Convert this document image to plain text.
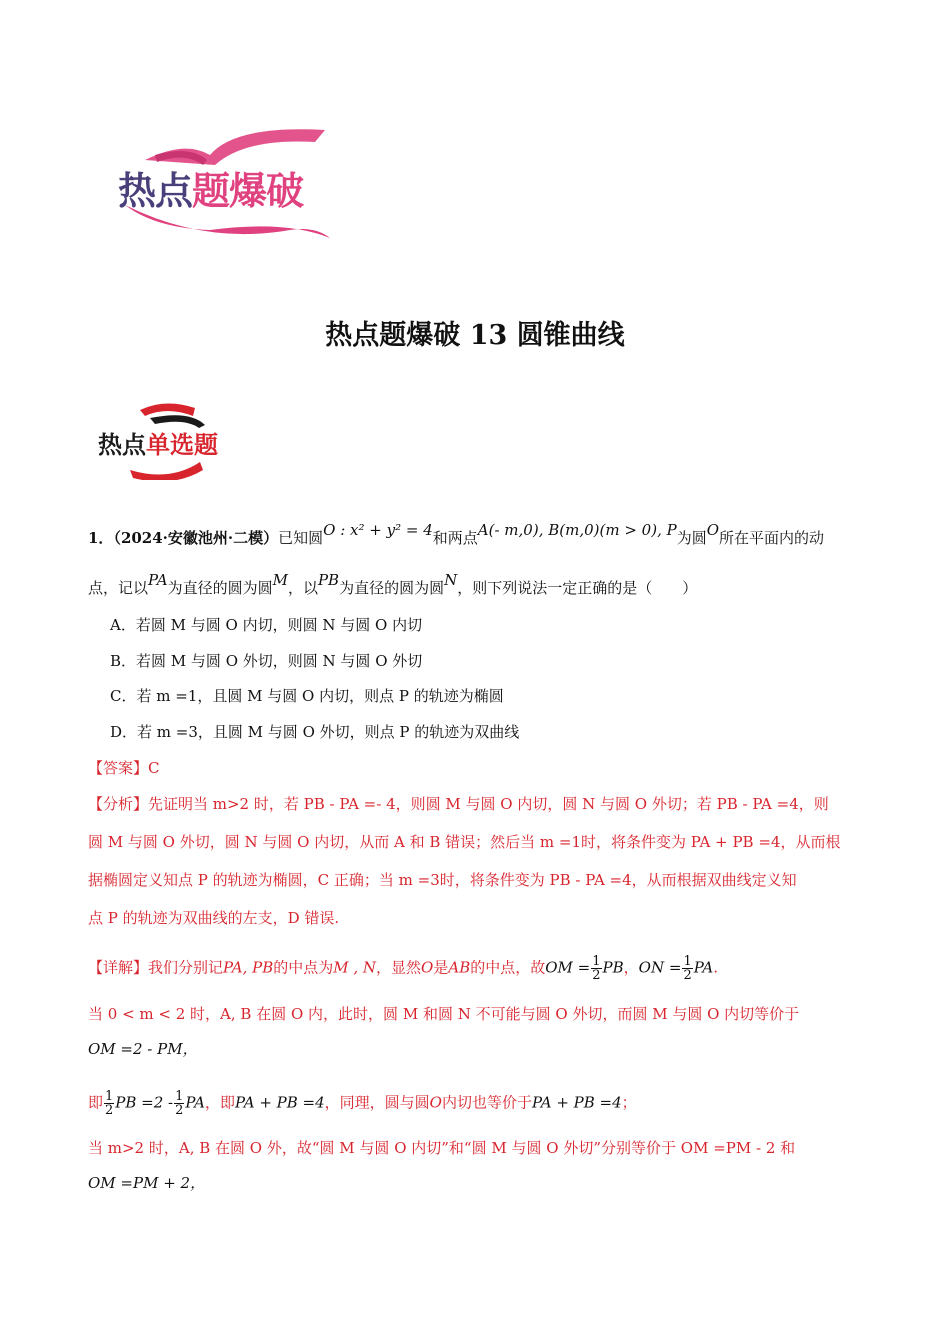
热点题爆破
热点题爆破 13 圆锥曲线
热点单选题
1．（2024·安徽池州·二模）已知圆O : x² + y² = 4和两点A(- m,0), B(m,0)(m > 0), P为圆O所在平面内的动
点，记以PA为直径的圆为圆M，以PB为直径的圆为圆N，则下列说法一定正确的是（　　）
A．若圆 M 与圆 O 内切，则圆 N 与圆 O 内切
B．若圆 M 与圆 O 外切，则圆 N 与圆 O 外切
C．若 m =1，且圆 M 与圆 O 内切，则点 P 的轨迹为椭圆
D．若 m =3，且圆 M 与圆 O 外切，则点 P 的轨迹为双曲线
【答案】C
【分析】先证明当 m>2 时，若 PB - PA =- 4，则圆 M 与圆 O 内切，圆 N 与圆 O 外切；若 PB - PA =4，则
圆 M 与圆 O 外切，圆 N 与圆 O 内切，从而 A 和 B 错误；然后当 m =1时，将条件变为 PA + PB =4，从而根
据椭圆定义知点 P 的轨迹为椭圆，C 正确；当 m =3时，将条件变为 PB - PA =4，从而根据双曲线定义知
点 P 的轨迹为双曲线的左支，D 错误.
【详解】我们分别记PA, PB的中点为M , N，显然O是AB的中点，故OM = $\frac{1}{2}$ PB，ON = $\frac{1}{2}$ PA.
当 0 < m < 2 时，A, B 在圆 O 内，此时，圆 M 和圆 N 不可能与圆 O 外切，而圆 M 与圆 O 内切等价于
OM =2 - PM，
即 $\frac{1}{2}$ PB $=2 - \frac{1}{2}$ PA，即PA + PB =4，同理，圆与圆O内切也等价于PA + PB =4；
当 m>2 时，A, B 在圆 O 外，故“圆 M 与圆 O 内切”和“圆 M 与圆 O 外切”分别等价于 OM =PM - 2 和
OM =PM + 2，
